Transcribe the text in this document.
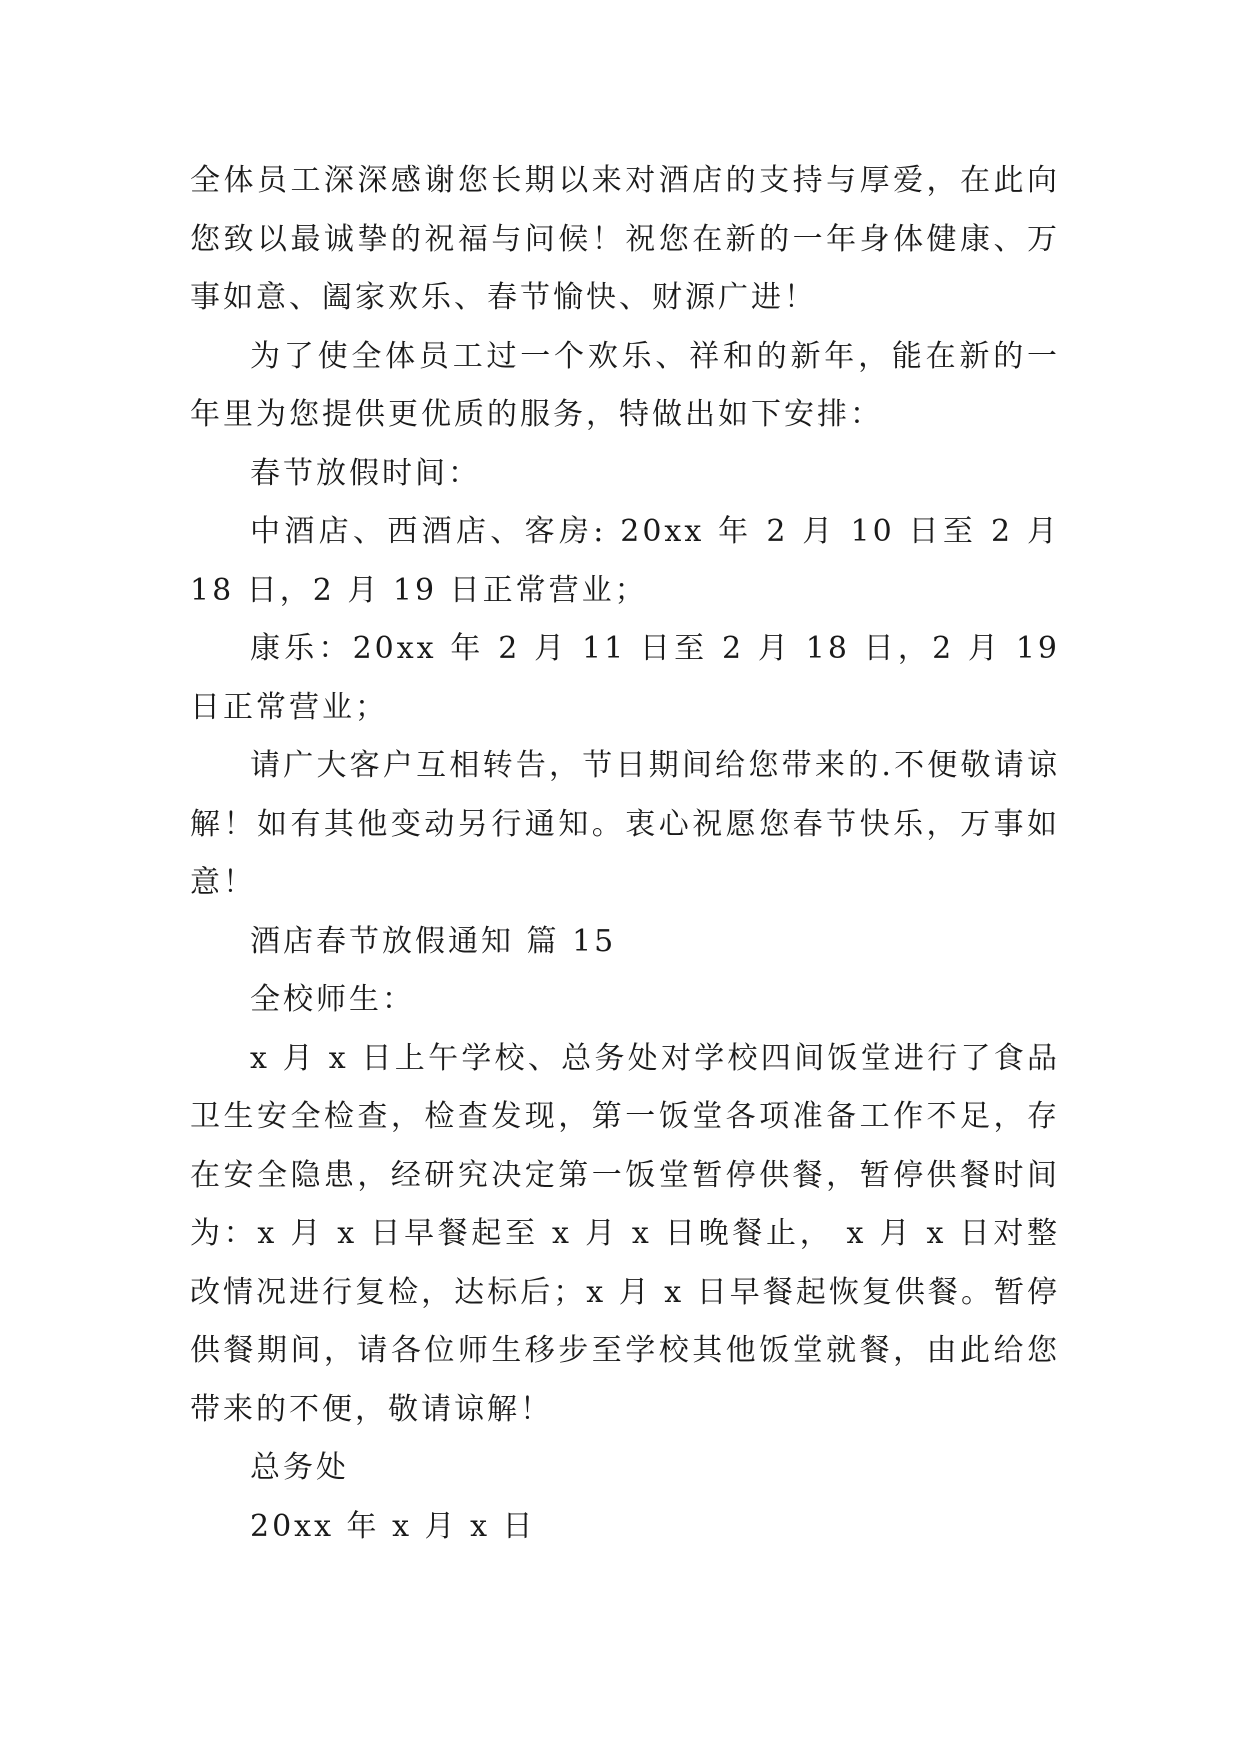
全体员工深深感谢您长期以来对酒店的支持与厚爱，在此向您致以最诚挚的祝福与问候！祝您在新的一年身体健康、万事如意、阖家欢乐、春节愉快、财源广进！

为了使全体员工过一个欢乐、祥和的新年，能在新的一年里为您提供更优质的服务，特做出如下安排：

春节放假时间：

中酒店、西酒店、客房: 20xx 年 2 月 10 日至 2 月 18 日，2 月 19 日正常营业；

康乐：20xx 年 2 月 11 日至 2 月 18 日，2 月 19 日正常营业；

请广大客户互相转告，节日期间给您带来的.不便敬请谅解！如有其他变动另行通知。衷心祝愿您春节快乐，万事如意！

酒店春节放假通知 篇 15

全校师生：

x 月 x 日上午学校、总务处对学校四间饭堂进行了食品卫生安全检查，检查发现，第一饭堂各项准备工作不足，存在安全隐患，经研究决定第一饭堂暂停供餐，暂停供餐时间为：x 月 x 日早餐起至 x 月 x 日晚餐止， x 月 x 日对整改情况进行复检，达标后；x 月 x 日早餐起恢复供餐。暂停供餐期间，请各位师生移步至学校其他饭堂就餐，由此给您带来的不便，敬请谅解！

总务处

20xx 年 x 月 x 日
